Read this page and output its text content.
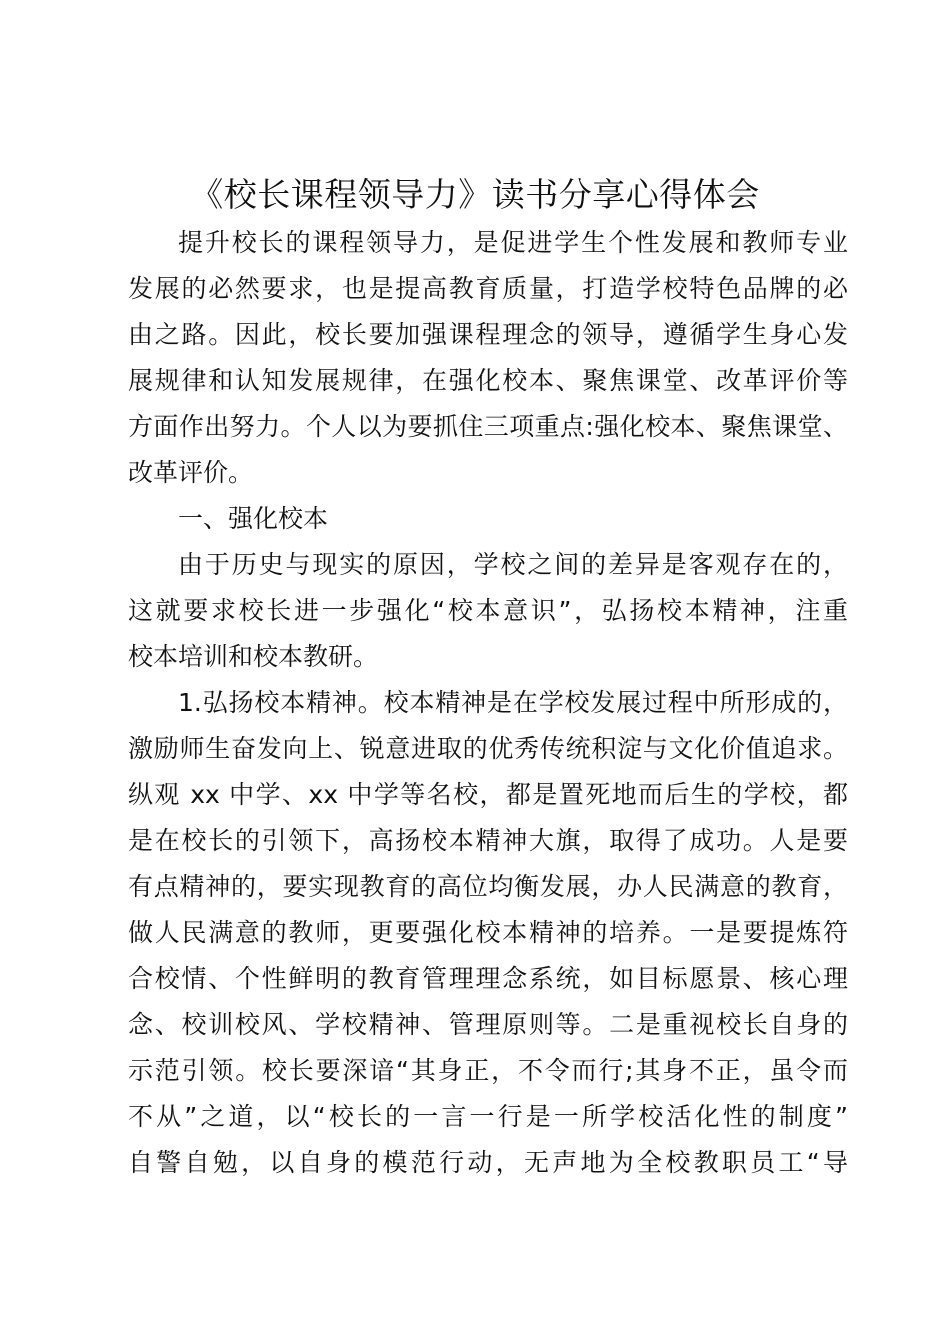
《校长课程领导力》读书分享心得体会

提升校长的课程领导力，是促进学生个性发展和教师专业

发展的必然要求，也是提高教育质量，打造学校特色品牌的必

由之路。因此，校长要加强课程理念的领导，遵循学生身心发

展规律和认知发展规律，在强化校本、聚焦课堂、改革评价等

方面作出努力。个人以为要抓住三项重点:强化校本、聚焦课堂、

改革评价。

一、强化校本

由于历史与现实的原因，学校之间的差异是客观存在的，

这就要求校长进一步强化“校本意识”，弘扬校本精神，注重

校本培训和校本教研。

1.弘扬校本精神。校本精神是在学校发展过程中所形成的，

激励师生奋发向上、锐意进取的优秀传统积淀与文化价值追求。

纵观 xx 中学、xx 中学等名校，都是置死地而后生的学校，都

是在校长的引领下，高扬校本精神大旗，取得了成功。人是要

有点精神的，要实现教育的高位均衡发展，办人民满意的教育，

做人民满意的教师，更要强化校本精神的培养。一是要提炼符

合校情、个性鲜明的教育管理理念系统，如目标愿景、核心理

念、校训校风、学校精神、管理原则等。二是重视校长自身的

示范引领。校长要深谙“其身正，不令而行;其身不正，虽令而

不从”之道，以“校长的一言一行是一所学校活化性的制度”

自警自勉，以自身的模范行动，无声地为全校教职员工“导
